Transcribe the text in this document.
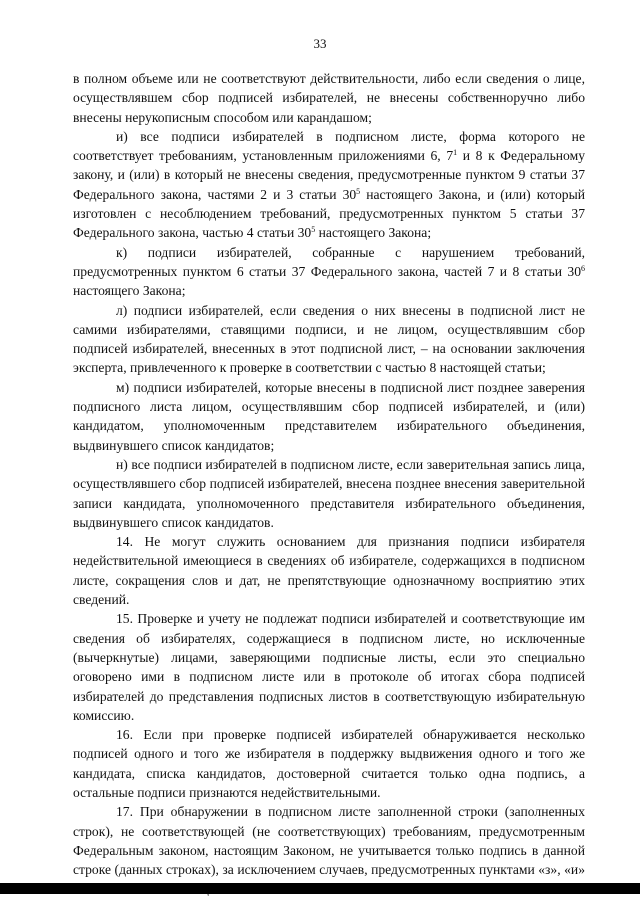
33

в полном объеме или не соответствуют действительности, либо если сведения о лице, осуществлявшем сбор подписей избирателей, не внесены собственноручно либо внесены нерукописным способом или карандашом;

и) все подписи избирателей в подписном листе, форма которого не соответствует требованиям, установленным приложениями 6, $7^1$ и 8 к Федеральному закону, и (или) в который не внесены сведения, предусмотренные пунктом 9 статьи 37 Федерального закона, частями 2 и 3 статьи $30^5$ настоящего Закона, и (или) который изготовлен с несоблюдением требований, предусмотренных пунктом 5 статьи 37 Федерального закона, частью 4 статьи $30^5$ настоящего Закона;

к) подписи избирателей, собранные с нарушением требований, предусмотренных пунктом 6 статьи 37 Федерального закона, частей 7 и 8 статьи $30^6$ настоящего Закона;

л) подписи избирателей, если сведения о них внесены в подписной лист не самими избирателями, ставящими подписи, и не лицом, осуществлявшим сбор подписей избирателей, внесенных в этот подписной лист, – на основании заключения эксперта, привлеченного к проверке в соответствии с частью 8 настоящей статьи;

м) подписи избирателей, которые внесены в подписной лист позднее заверения подписного листа лицом, осуществлявшим сбор подписей избирателей, и (или) кандидатом, уполномоченным представителем избирательного объединения, выдвинувшего список кандидатов;

н) все подписи избирателей в подписном листе, если заверительная запись лица, осуществлявшего сбор подписей избирателей, внесена позднее внесения заверительной записи кандидата, уполномоченного представителя избирательного объединения, выдвинувшего список кандидатов.

14. Не могут служить основанием для признания подписи избирателя недействительной имеющиеся в сведениях об избирателе, содержащихся в подписном листе, сокращения слов и дат, не препятствующие однозначному восприятию этих сведений.

15. Проверке и учету не подлежат подписи избирателей и соответствующие им сведения об избирателях, содержащиеся в подписном листе, но исключенные (вычеркнутые) лицами, заверяющими подписные листы, если это специально оговорено ими в подписном листе или в протоколе об итогах сбора подписей избирателей до представления подписных листов в соответствующую избирательную комиссию.

16. Если при проверке подписей избирателей обнаруживается несколько подписей одного и того же избирателя в поддержку выдвижения одного и того же кандидата, списка кандидатов, достоверной считается только одна подпись, а остальные подписи признаются недействительными.

17. При обнаружении в подписном листе заполненной строки (заполненных строк), не соответствующей (не соответствующих) требованиям, предусмотренным Федеральным законом, настоящим Законом, не учитывается только подпись в данной строке (данных строках), за исключением случаев, предусмотренных пунктами «з», «и»
